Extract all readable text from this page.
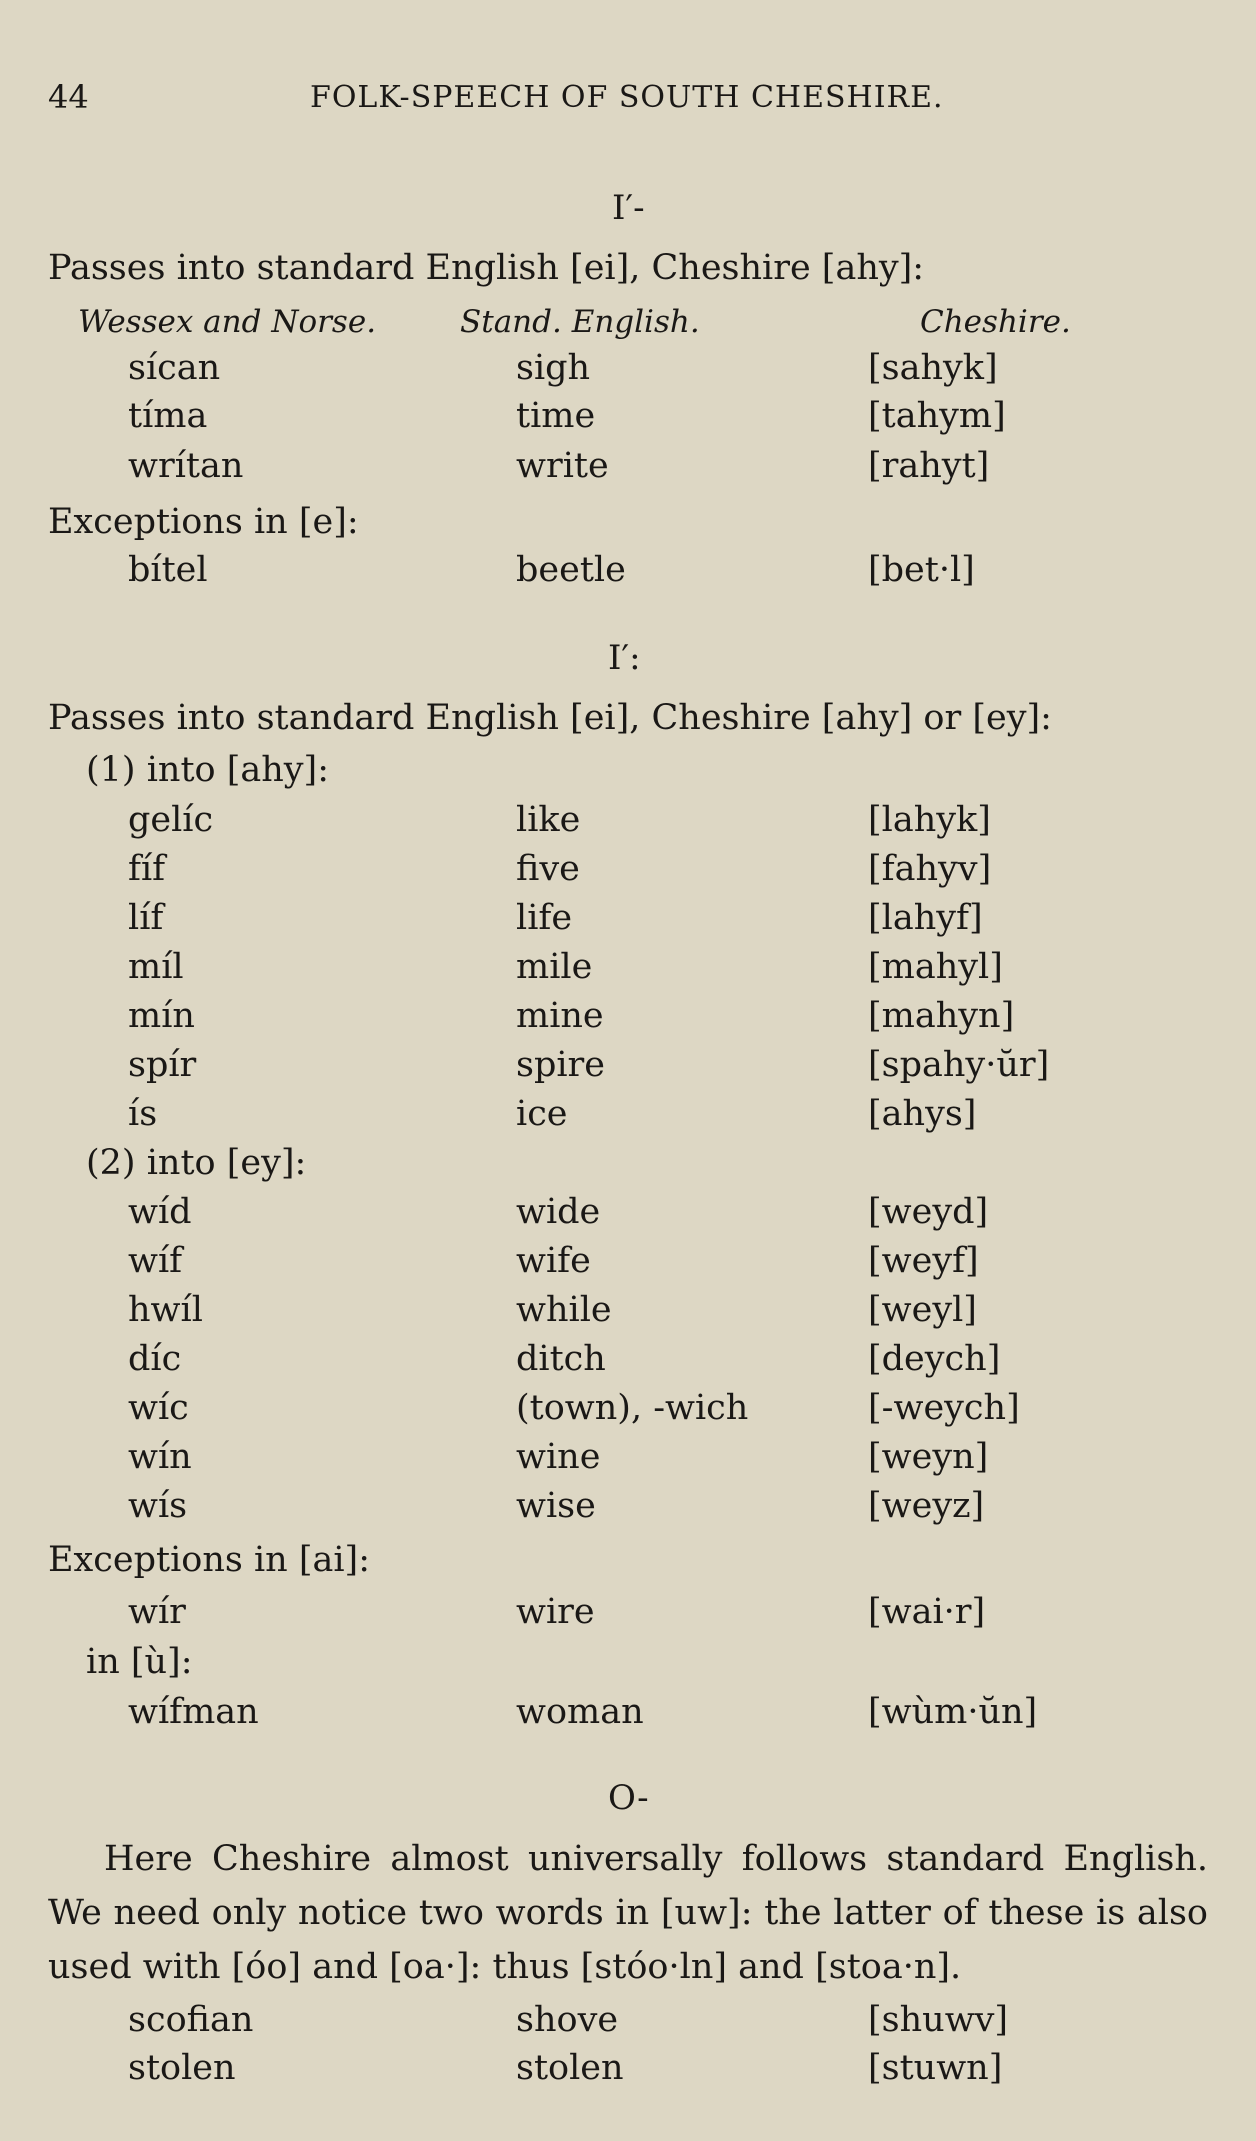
44	FOLK-SPEECH OF SOUTH CHESHIRE.
I′-
Passes into standard English [ei], Cheshire [ahy]:
Wessex and Norse.	Stand. English.	Cheshire.
sícan	sigh	[sahyk]
tíma	time	[tahym]
wrítan	write	[rahyt]
Exceptions in [e]:
bítel	beetle	[bet·l]
I′:
Passes into standard English [ei], Cheshire [ahy] or [ey]:
(1) into [ahy]:
gelíc	like	[lahyk]
fíf	five	[fahyv]
líf	life	[lahyf]
míl	mile	[mahyl]
mín	mine	[mahyn]
spír	spire	[spahy·ŭr]
ís	ice	[ahys]
(2) into [ey]:
wíd	wide	[weyd]
wíf	wife	[weyf]
hwíl	while	[weyl]
díc	ditch	[deych]
wíc	(town), -wich	[-weych]
wín	wine	[weyn]
wís	wise	[weyz]
Exceptions in [ai]:
wír	wire	[wai·r]
in [ù]:
wífman	woman	[wùm·ŭn]
O-
Here Cheshire almost universally follows standard English.
We need only notice two words in [uw]: the latter of these is also
used with [óo] and [oa·]: thus [stóo·ln] and [stoa·n].
scofian	shove	[shuwv]
stolen	stolen	[stuwn]
